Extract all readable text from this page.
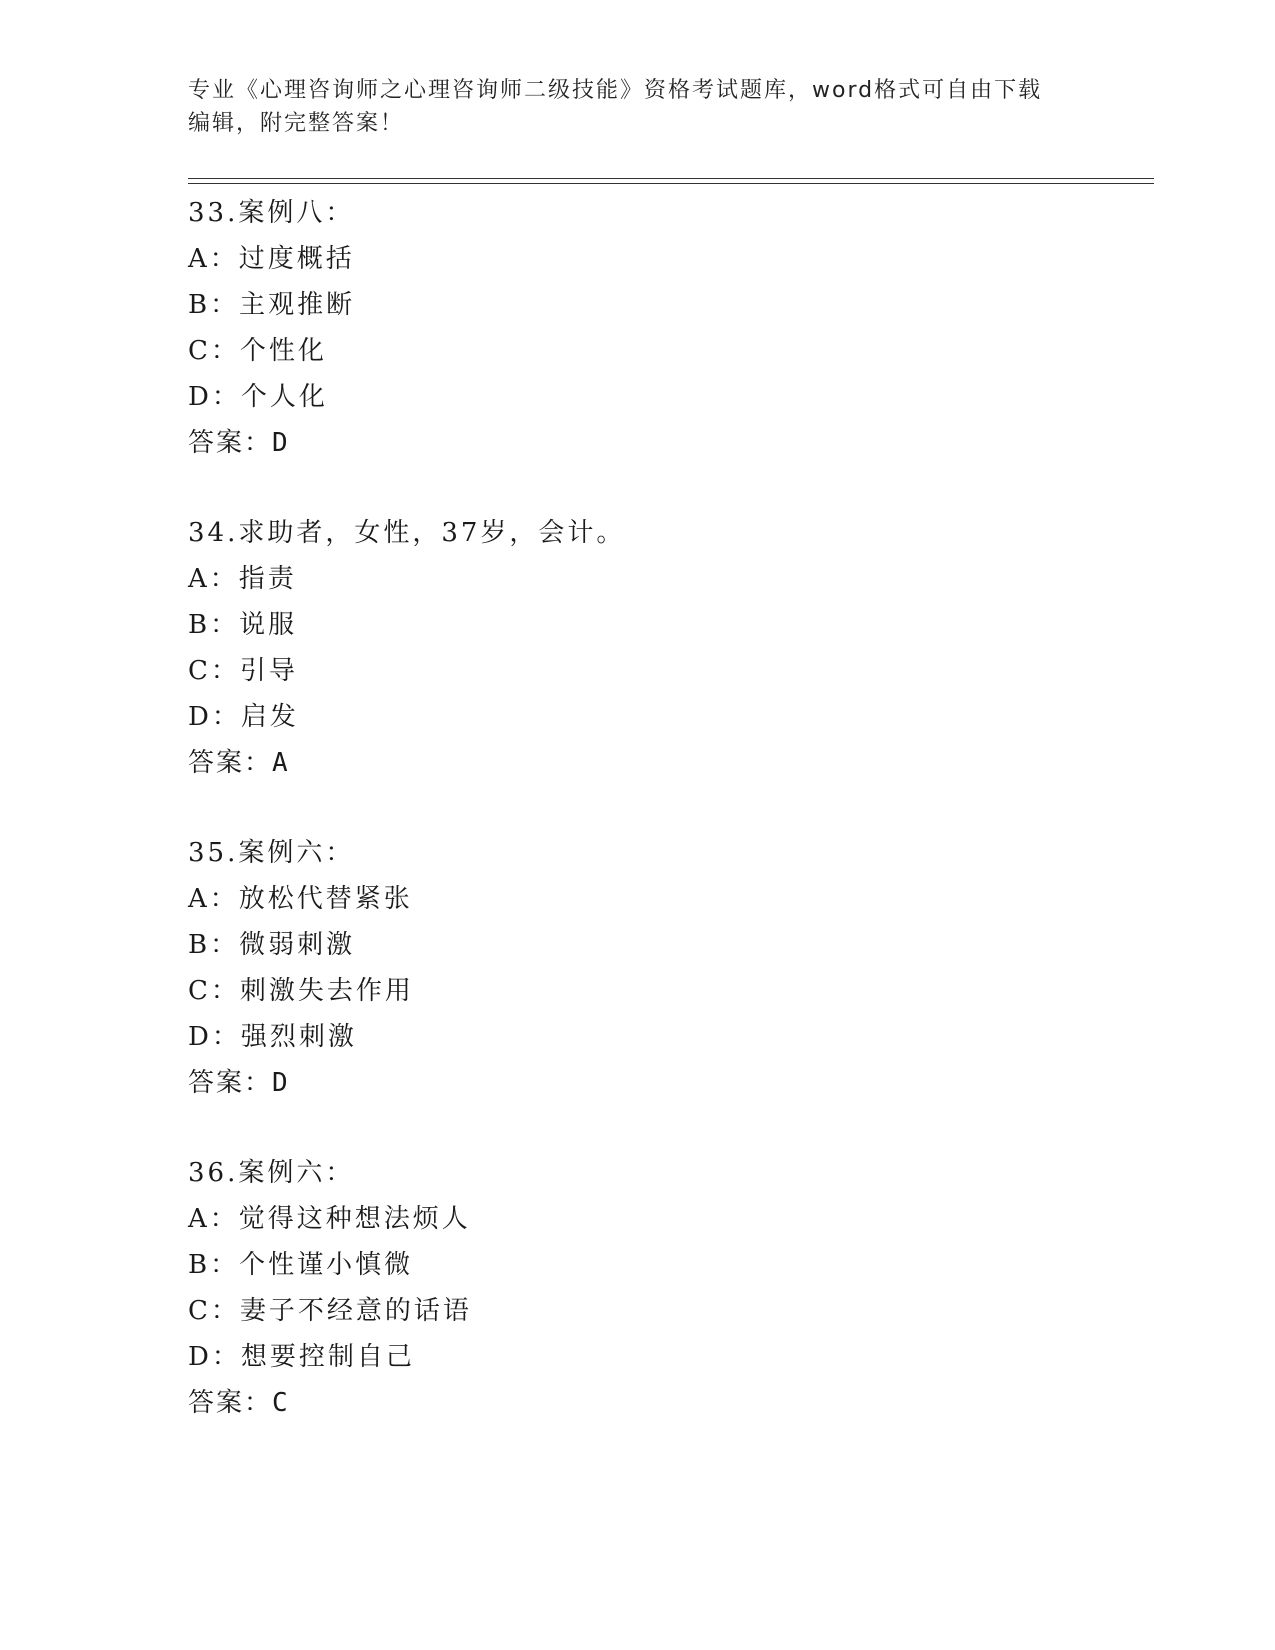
专业《心理咨询师之心理咨询师二级技能》资格考试题库，word格式可自由下载
编辑，附完整答案！
33.案例八：
A：过度概括
B：主观推断
C：个性化
D：个人化
答案：D
34.求助者，女性，37岁，会计。
A：指责
B：说服
C：引导
D：启发
答案：A
35.案例六：
A：放松代替紧张
B：微弱刺激
C：刺激失去作用
D：强烈刺激
答案：D
36.案例六：
A：觉得这种想法烦人
B：个性谨小慎微
C：妻子不经意的话语
D：想要控制自己
答案：C
